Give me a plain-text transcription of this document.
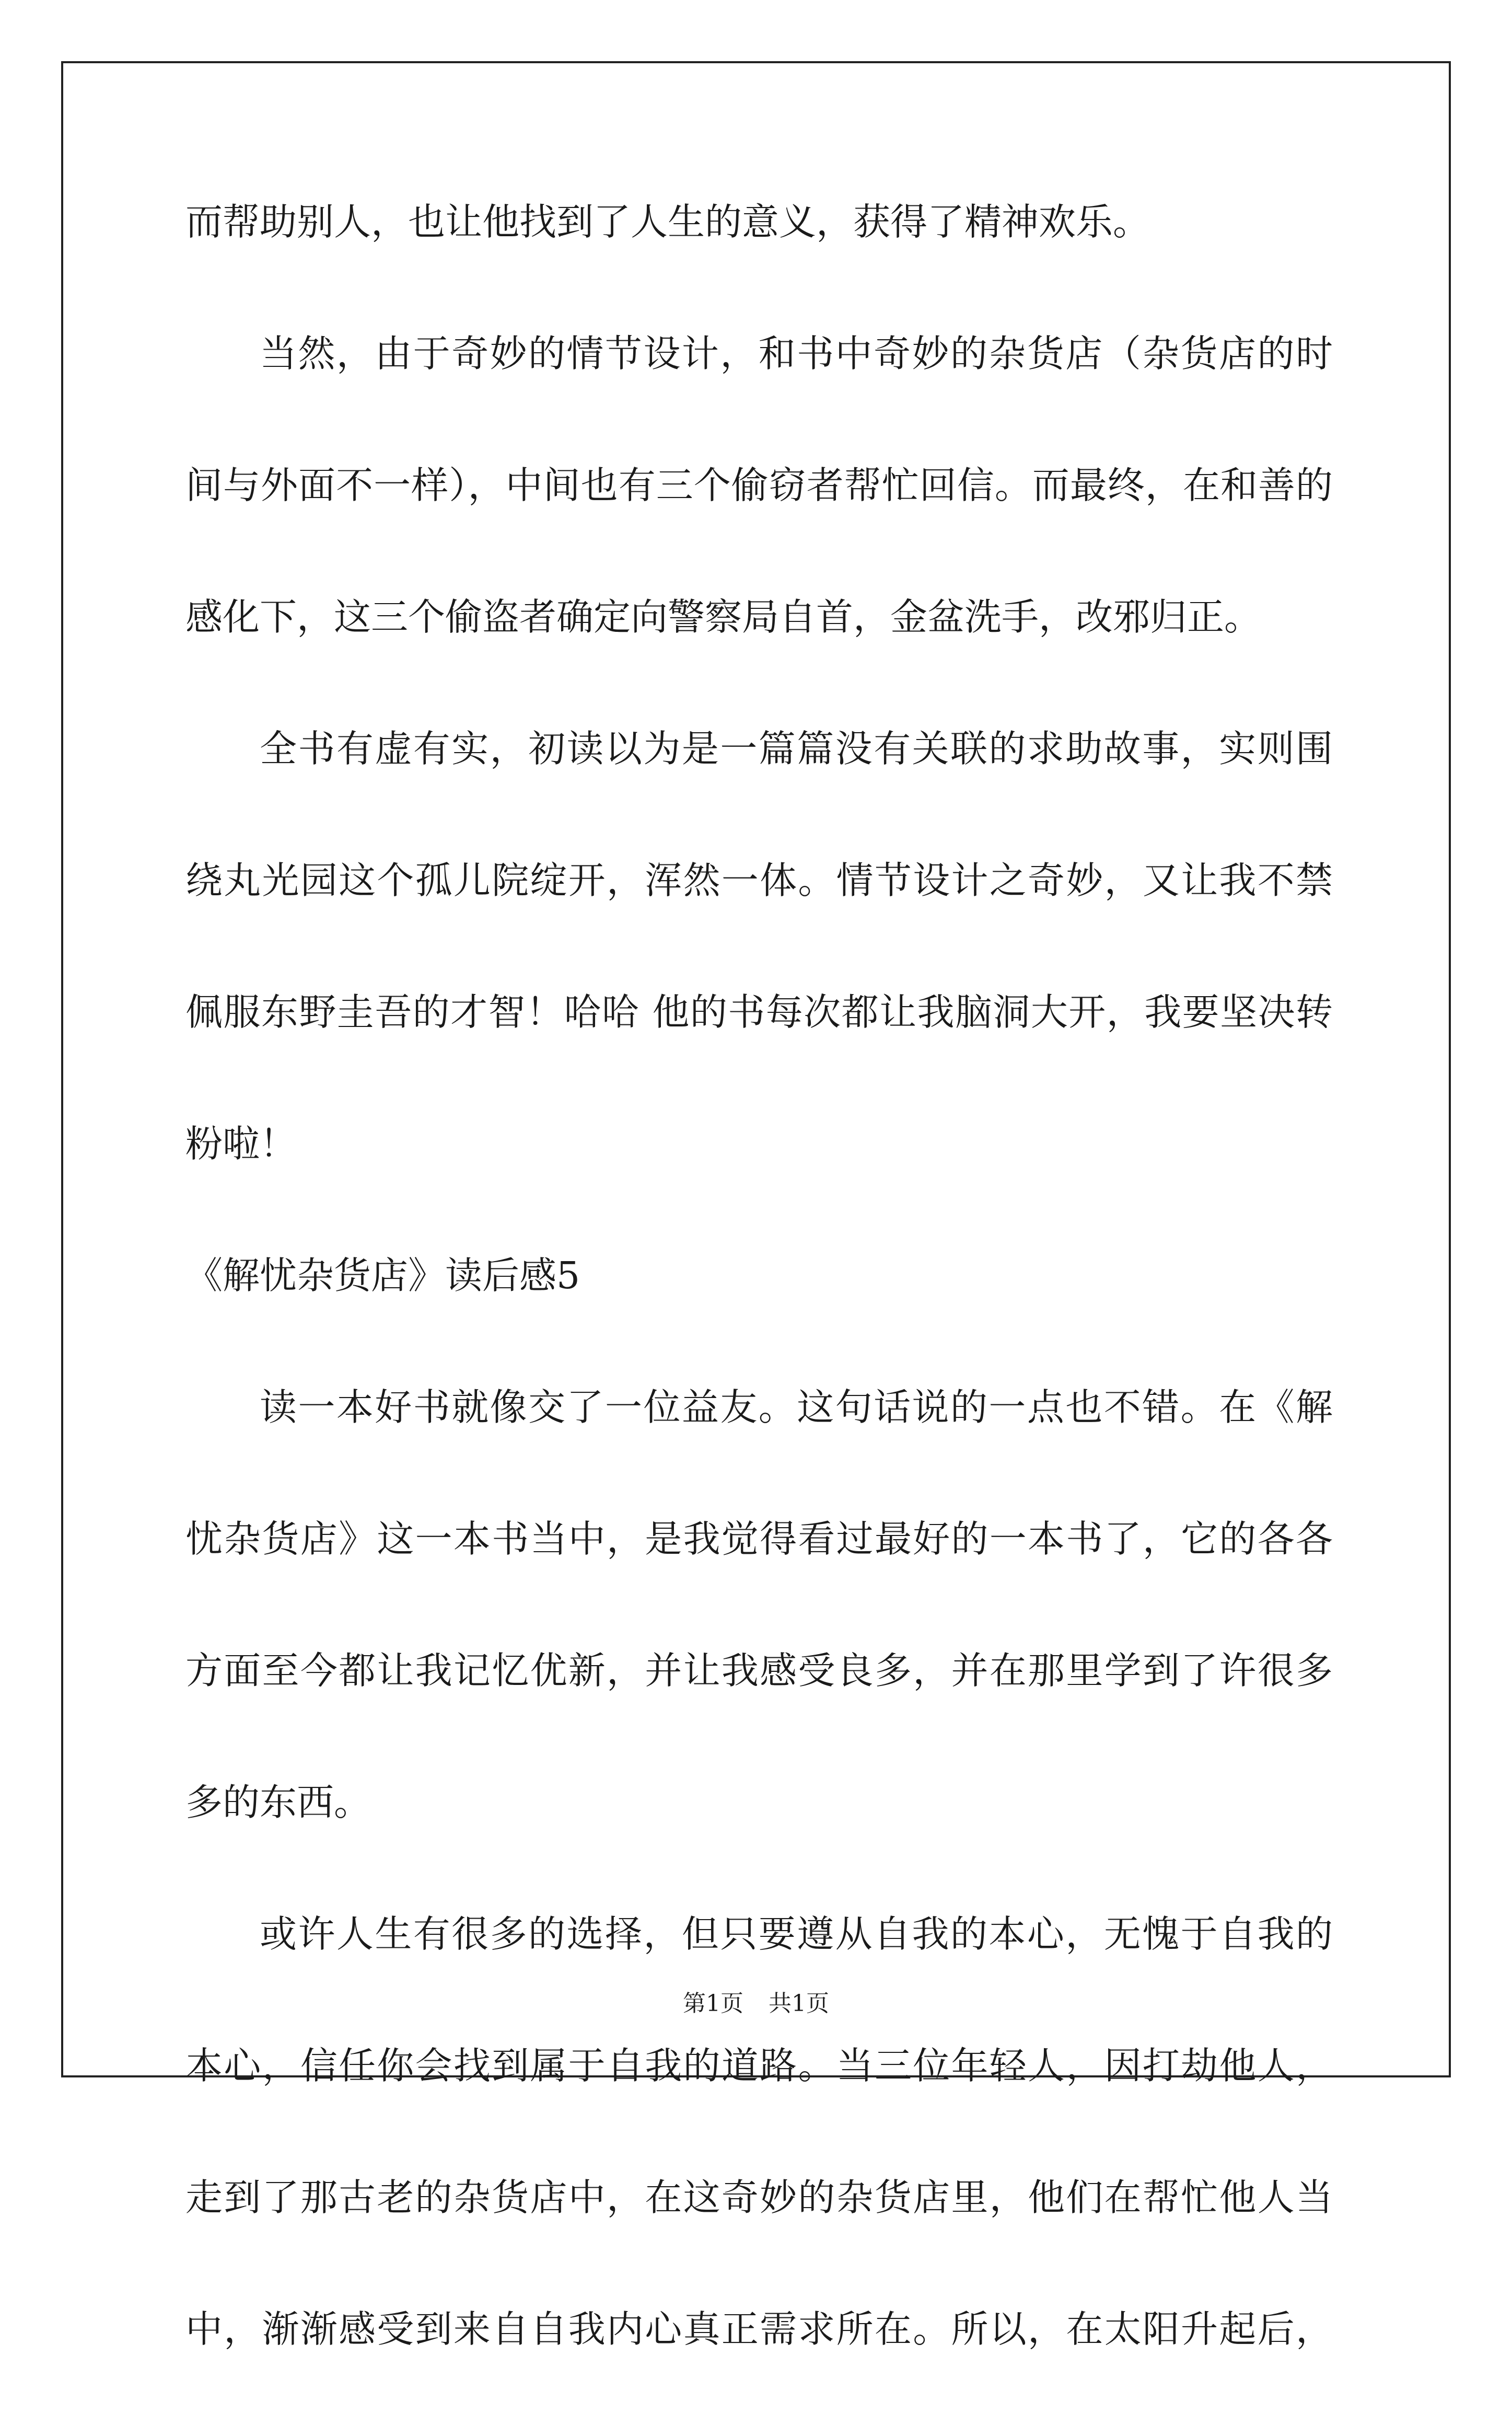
而帮助别人，也让他找到了人生的意义，获得了精神欢乐。
当然，由于奇妙的情节设计，和书中奇妙的杂货店（杂货店的时
间与外面不一样），中间也有三个偷窃者帮忙回信。而最终，在和善的
感化下，这三个偷盗者确定向警察局自首，金盆洗手，改邪归正。
全书有虚有实，初读以为是一篇篇没有关联的求助故事，实则围
绕丸光园这个孤儿院绽开，浑然一体。情节设计之奇妙，又让我不禁
佩服东野圭吾的才智！哈哈 他的书每次都让我脑洞大开，我要坚决转
粉啦！
《解忧杂货店》读后感5
读一本好书就像交了一位益友。这句话说的一点也不错。在《解
忧杂货店》这一本书当中，是我觉得看过最好的一本书了，它的各各
方面至今都让我记忆优新，并让我感受良多，并在那里学到了许很多
多的东西。
或许人生有很多的选择，但只要遵从自我的本心，无愧于自我的
本心，信任你会找到属于自我的道路。当三位年轻人，因打劫他人，
走到了那古老的杂货店中，在这奇妙的杂货店里，他们在帮忙他人当
中，渐渐感受到来自自我内心真正需求所在。所以，在太阳升起后，
第1页 共1页
